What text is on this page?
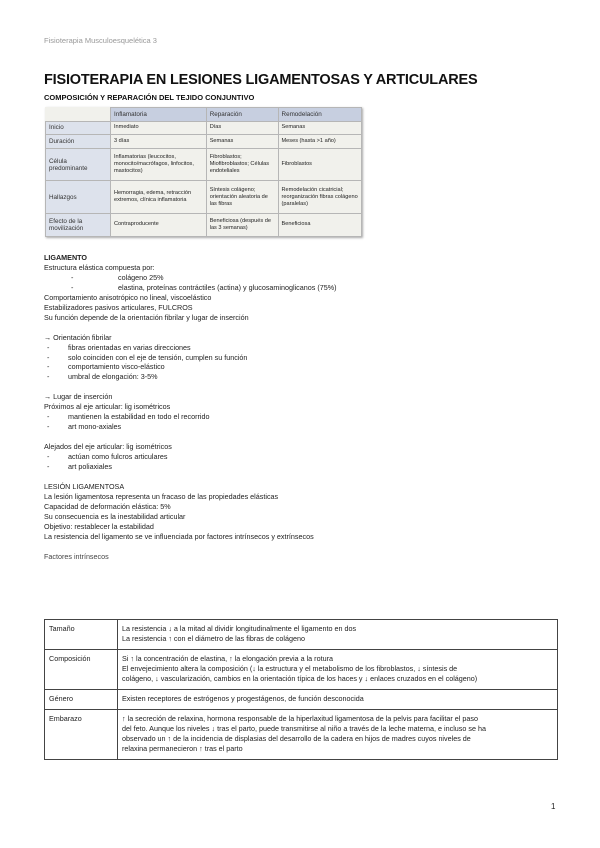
Fisioterapia Musculoesquelética 3
FISIOTERAPIA EN LESIONES LIGAMENTOSAS Y ARTICULARES
COMPOSICIÓN Y REPARACIÓN DEL TEJIDO CONJUNTIVO
	Inflamatoria	Reparación	Remodelación
Inicio	Inmediato	Días	Semanas
Duración	3 días	Semanas	Meses (hasta >1 año)
Célula predominante	Inflamatorias (leucocitos, monocito/macrófagos, linfocitos, mastocitos)	Fibroblastos; Miofibroblastos; Células endoteliales	Fibroblastos
Hallazgos	Hemorragia, edema, retracción extremos, clínica inflamatoria	Síntesis colágeno; orientación aleatoria de las fibras	Remodelación cicatricial; reorganización fibras colágeno (paralelas)
Efecto de la movilización	Contraproducente	Beneficiosa (después de las 3 semanas)	Beneficiosa

LIGAMENTO

Estructura elástica compuesta por:

-	colágeno 25%

-	elastina, proteínas contráctiles (actina) y glucosaminoglicanos (75%)

Comportamiento anisotrópico no lineal, viscoelástico

Estabilizadores pasivos articulares, FULCROS

Su función depende de la orientación fibrilar y lugar de inserción

→ Orientación fibrilar

-	fibras orientadas en varias direcciones

-	solo coinciden con el eje de tensión, cumplen su función

-	comportamiento visco-elástico

-	umbral de elongación: 3-5%

→ Lugar de inserción

Próximos al eje articular: lig isométricos

-	mantienen la estabilidad en todo el recorrido

-	art mono-axiales

Alejados del eje articular: lig isométricos

-	actúan como fulcros articulares

-	art poliaxiales

LESIÓN LIGAMENTOSA

La lesión ligamentosa representa un fracaso de las propiedades elásticas

Capacidad de deformación elástica: 5%

Su consecuencia es la inestabilidad articular

Objetivo: restablecer la estabilidad

La resistencia del ligamento se ve influenciada por factores intrínsecos y extrínsecos

Factores intrínsecos

Tamaño	La resistencia ↓ a la mitad al dividir longitudinalmente el ligamento en dos

La resistencia ↑ con el diámetro de las fibras de colágeno

Composición	Si ↑ la concentración de elastina, ↑ la elongación previa a la rotura

El envejecimiento altera la composición (↓ la estructura y el metabolismo de los fibroblastos, ↓ síntesis de

colágeno, ↓ vascularización, cambios en la orientación típica de los haces y ↓ enlaces cruzados en el colágeno)

Género	Existen receptores de estrógenos y progestágenos, de función desconocida

Embarazo	↑ la secreción de relaxina, hormona responsable de la hiperlaxitud ligamentosa de la pelvis para facilitar el paso

del feto. Aunque los niveles ↓ tras el parto, puede transmitirse al niño a través de la leche materna, e incluso se ha

observado un ↑ de la incidencia de displasias del desarrollo de la cadera en hijos de madres cuyos niveles de

relaxina permanecieron ↑ tras el parto

1
